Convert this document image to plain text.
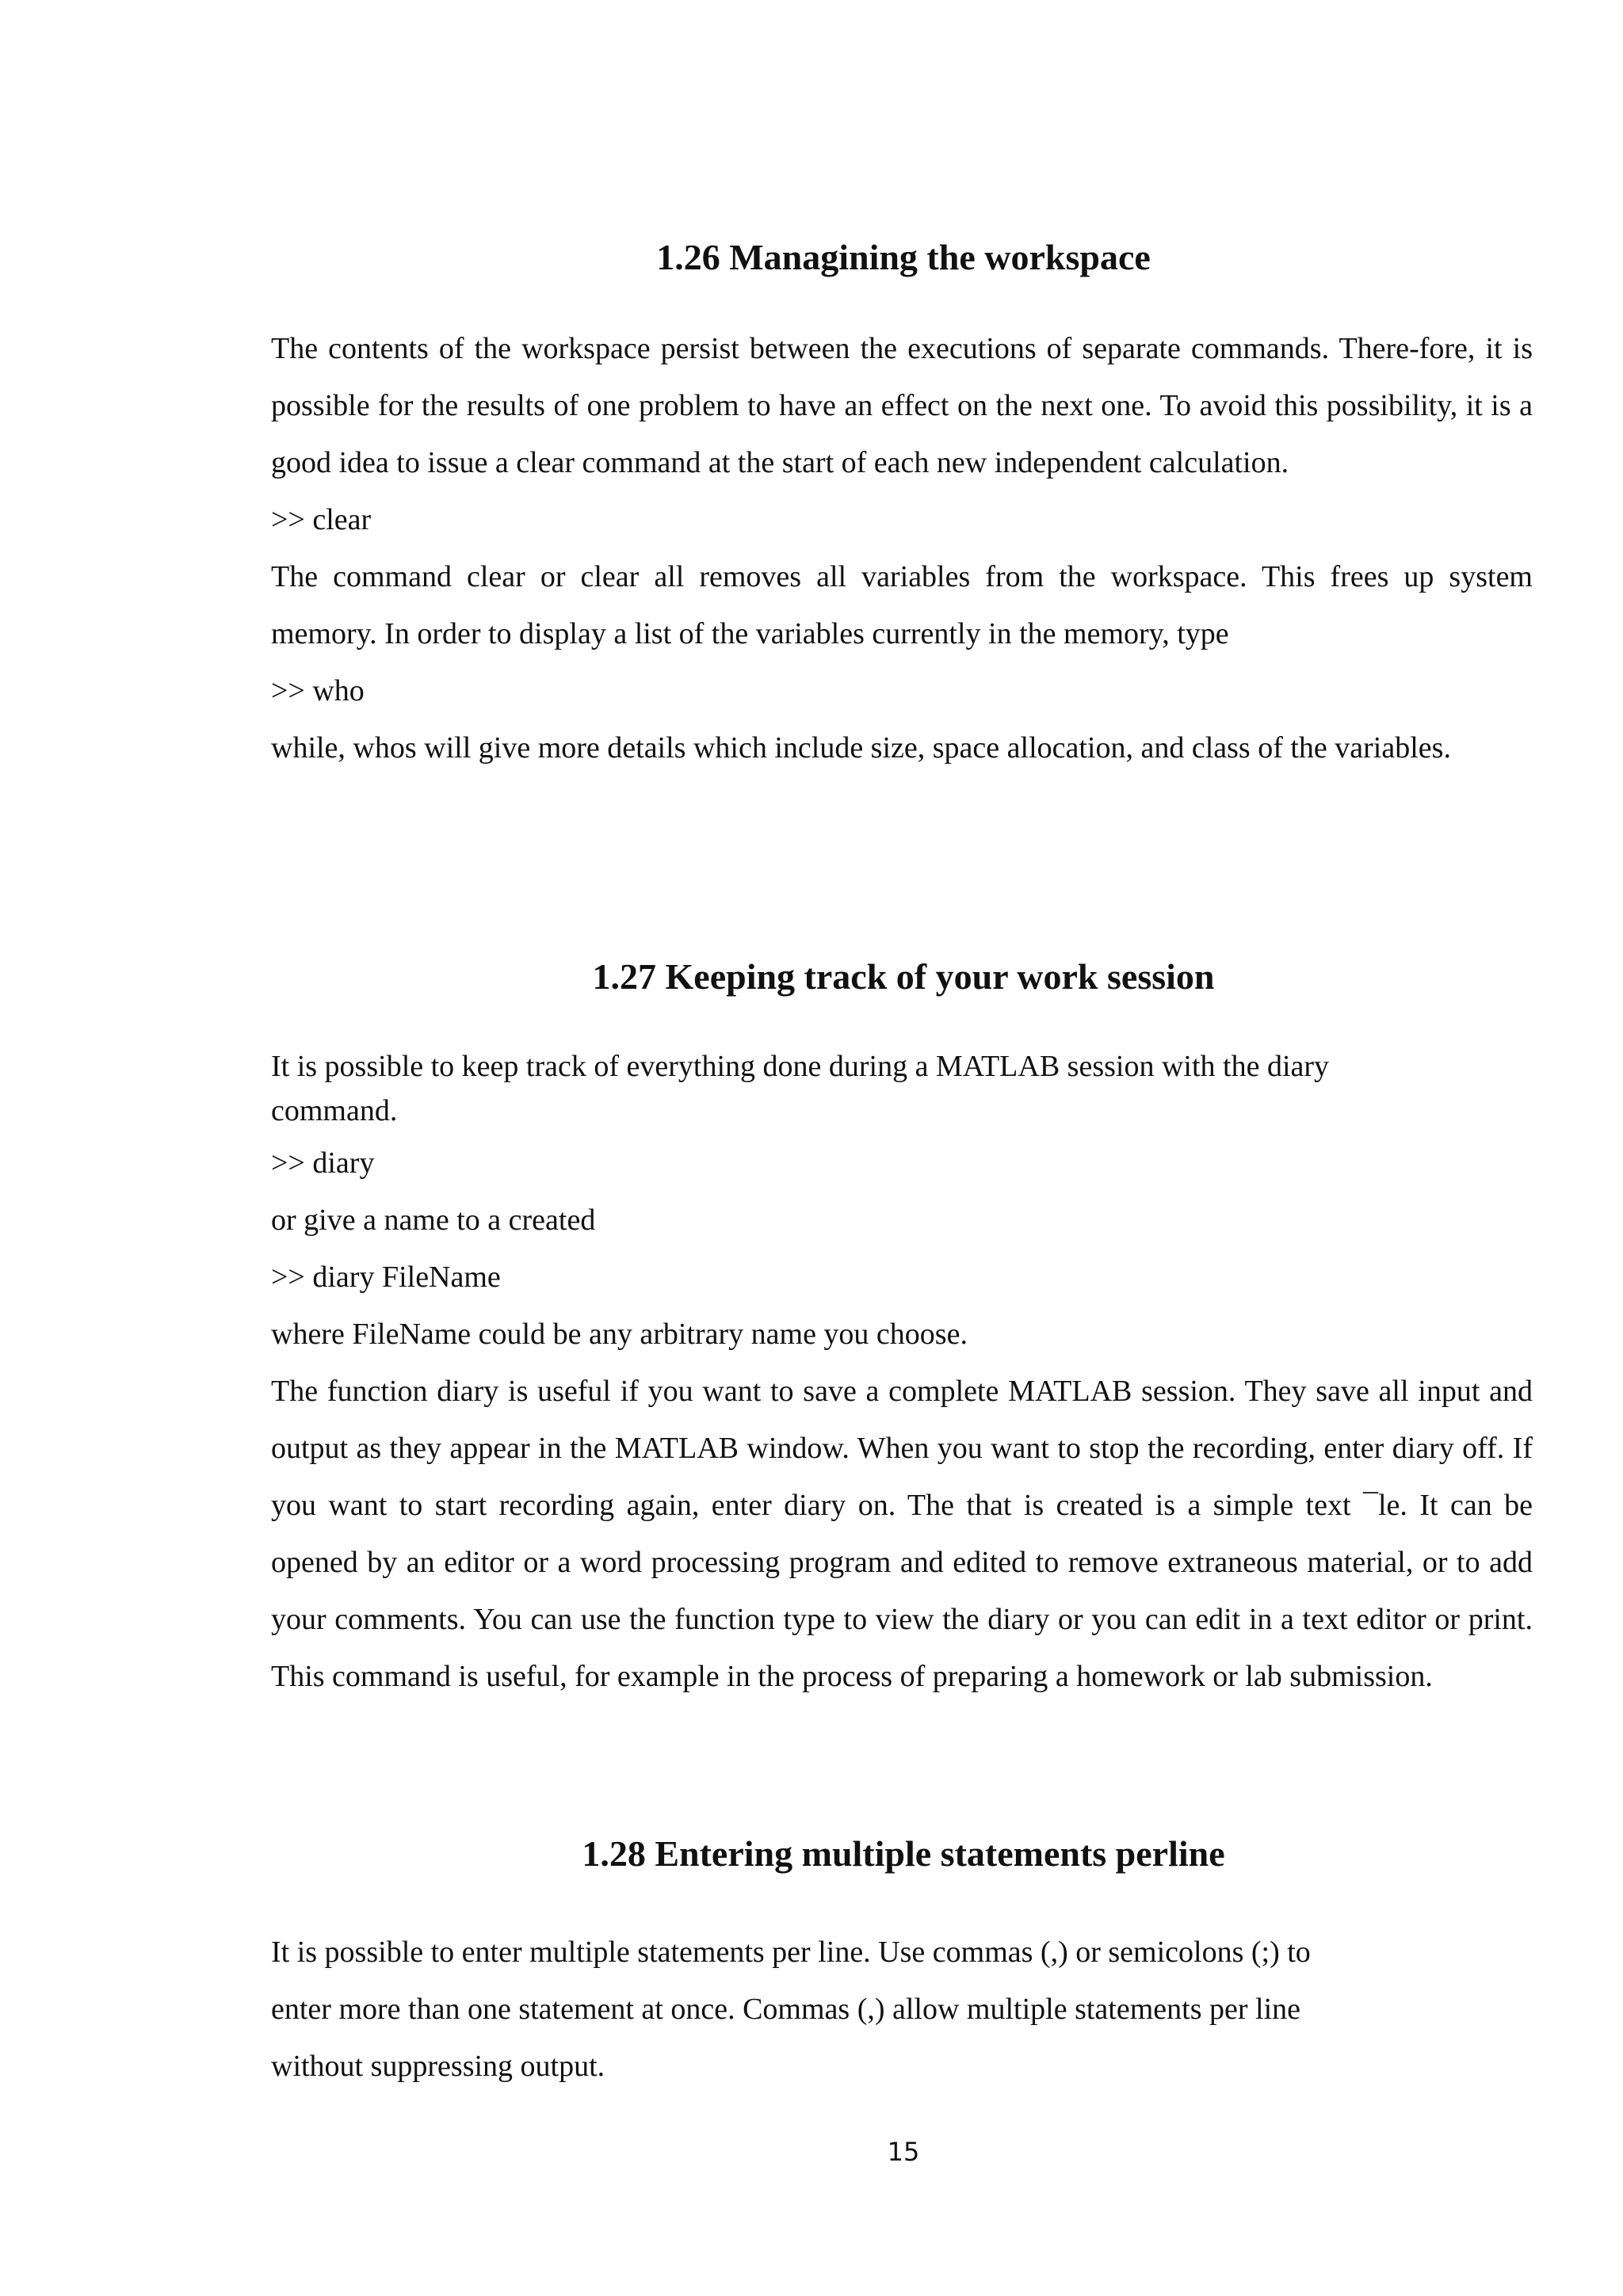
1.26 Managining the workspace

The contents of the workspace persist between the executions of separate commands. There-fore, it is possible for the results of one problem to have an effect on the next one. To avoid this possibility, it is a good idea to issue a clear command at the start of each new independent calculation.

>> clear

The command clear or clear all removes all variables from the workspace. This frees up system memory. In order to display a list of the variables currently in the memory, type

>> who

while, whos will give more details which include size, space allocation, and class of the variables.

1.27 Keeping track of your work session

It is possible to keep track of everything done during a MATLAB session with the diary command.

>> diary

or give a name to a created

>> diary FileName

where FileName could be any arbitrary name you choose.

The function diary is useful if you want to save a complete MATLAB session. They save all input and output as they appear in the MATLAB window. When you want to stop the recording, enter diary off. If you want to start recording again, enter diary on. The that is created is a simple text ¯le. It can be opened by an editor or a word processing program and edited to remove extraneous material, or to add your comments. You can use the function type to view the diary or you can edit in a text editor or print. This command is useful, for example in the process of preparing a homework or lab submission.

1.28 Entering multiple statements perline

It is possible to enter multiple statements per line. Use commas (,) or semicolons (;) to

enter more than one statement at once. Commas (,) allow multiple statements per line

without suppressing output.

15
